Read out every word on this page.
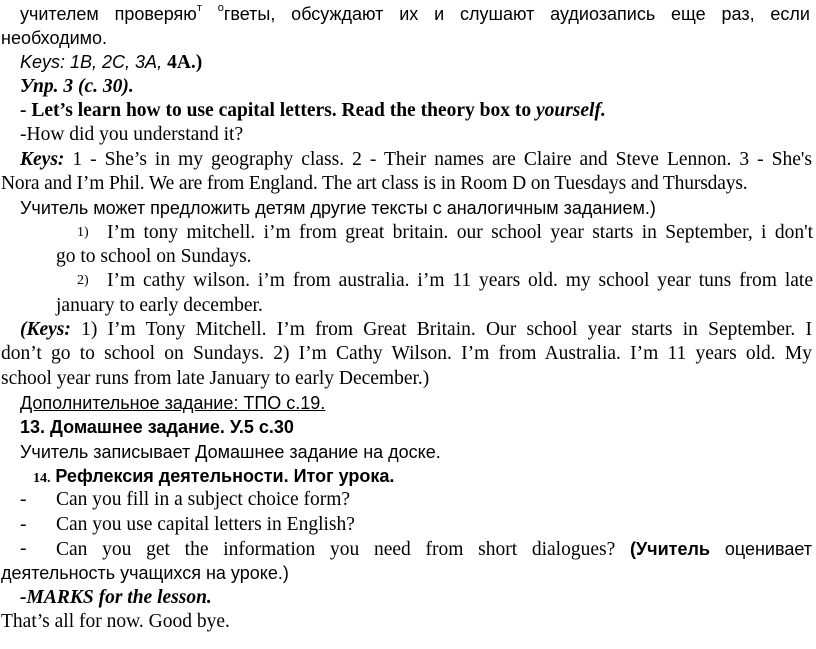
учителем проверяю$^т$ $^о$гветы, обсуждают их и слушают аудиозапись еще раз, если
необходимо.
Keys: 1B, 2C, 3A, 4A.)
Упр. 3 (с. 30).
- Let’s learn how to use capital letters. Read the theory box to yourself.
-How did you understand it?
Keys: 1 - She’s in my geography class. 2 - Their names are Claire and Steve Lennon. 3 - She's
Nora and I’m Phil. We are from England. The art class is in Room D on Tuesdays and Thursdays.
Учитель может предложить детям другие тексты с аналогичным заданием.)
1) I’m tony mitchell. i’m from great britain. our school year starts in September, i don't
go to school on Sundays.
2) I’m cathy wilson. i’m from australia. i’m 11 years old. my school year tuns from late
january to early december.
(Keys: 1) I’m Tony Mitchell. I’m from Great Britain. Our school year starts in September. I
don’t go to school on Sundays. 2) I’m Cathy Wilson. I’m from Australia. I’m 11 years old. My
school year runs from late January to early December.)
Дополнительное задание: ТПО с.19.
13. Домашнее задание. У.5 с.30
Учитель записывает Домашнее задание на доске.
14. Рефлексия деятельности. Итог урока.
- Can you fill in a subject choice form?
- Can you use capital letters in English?
- Can you get the information you need from short dialogues? (Учитель оценивает
деятельность учащихся на уроке.)
-MARKS for the lesson.
That’s all for now. Good bye.
